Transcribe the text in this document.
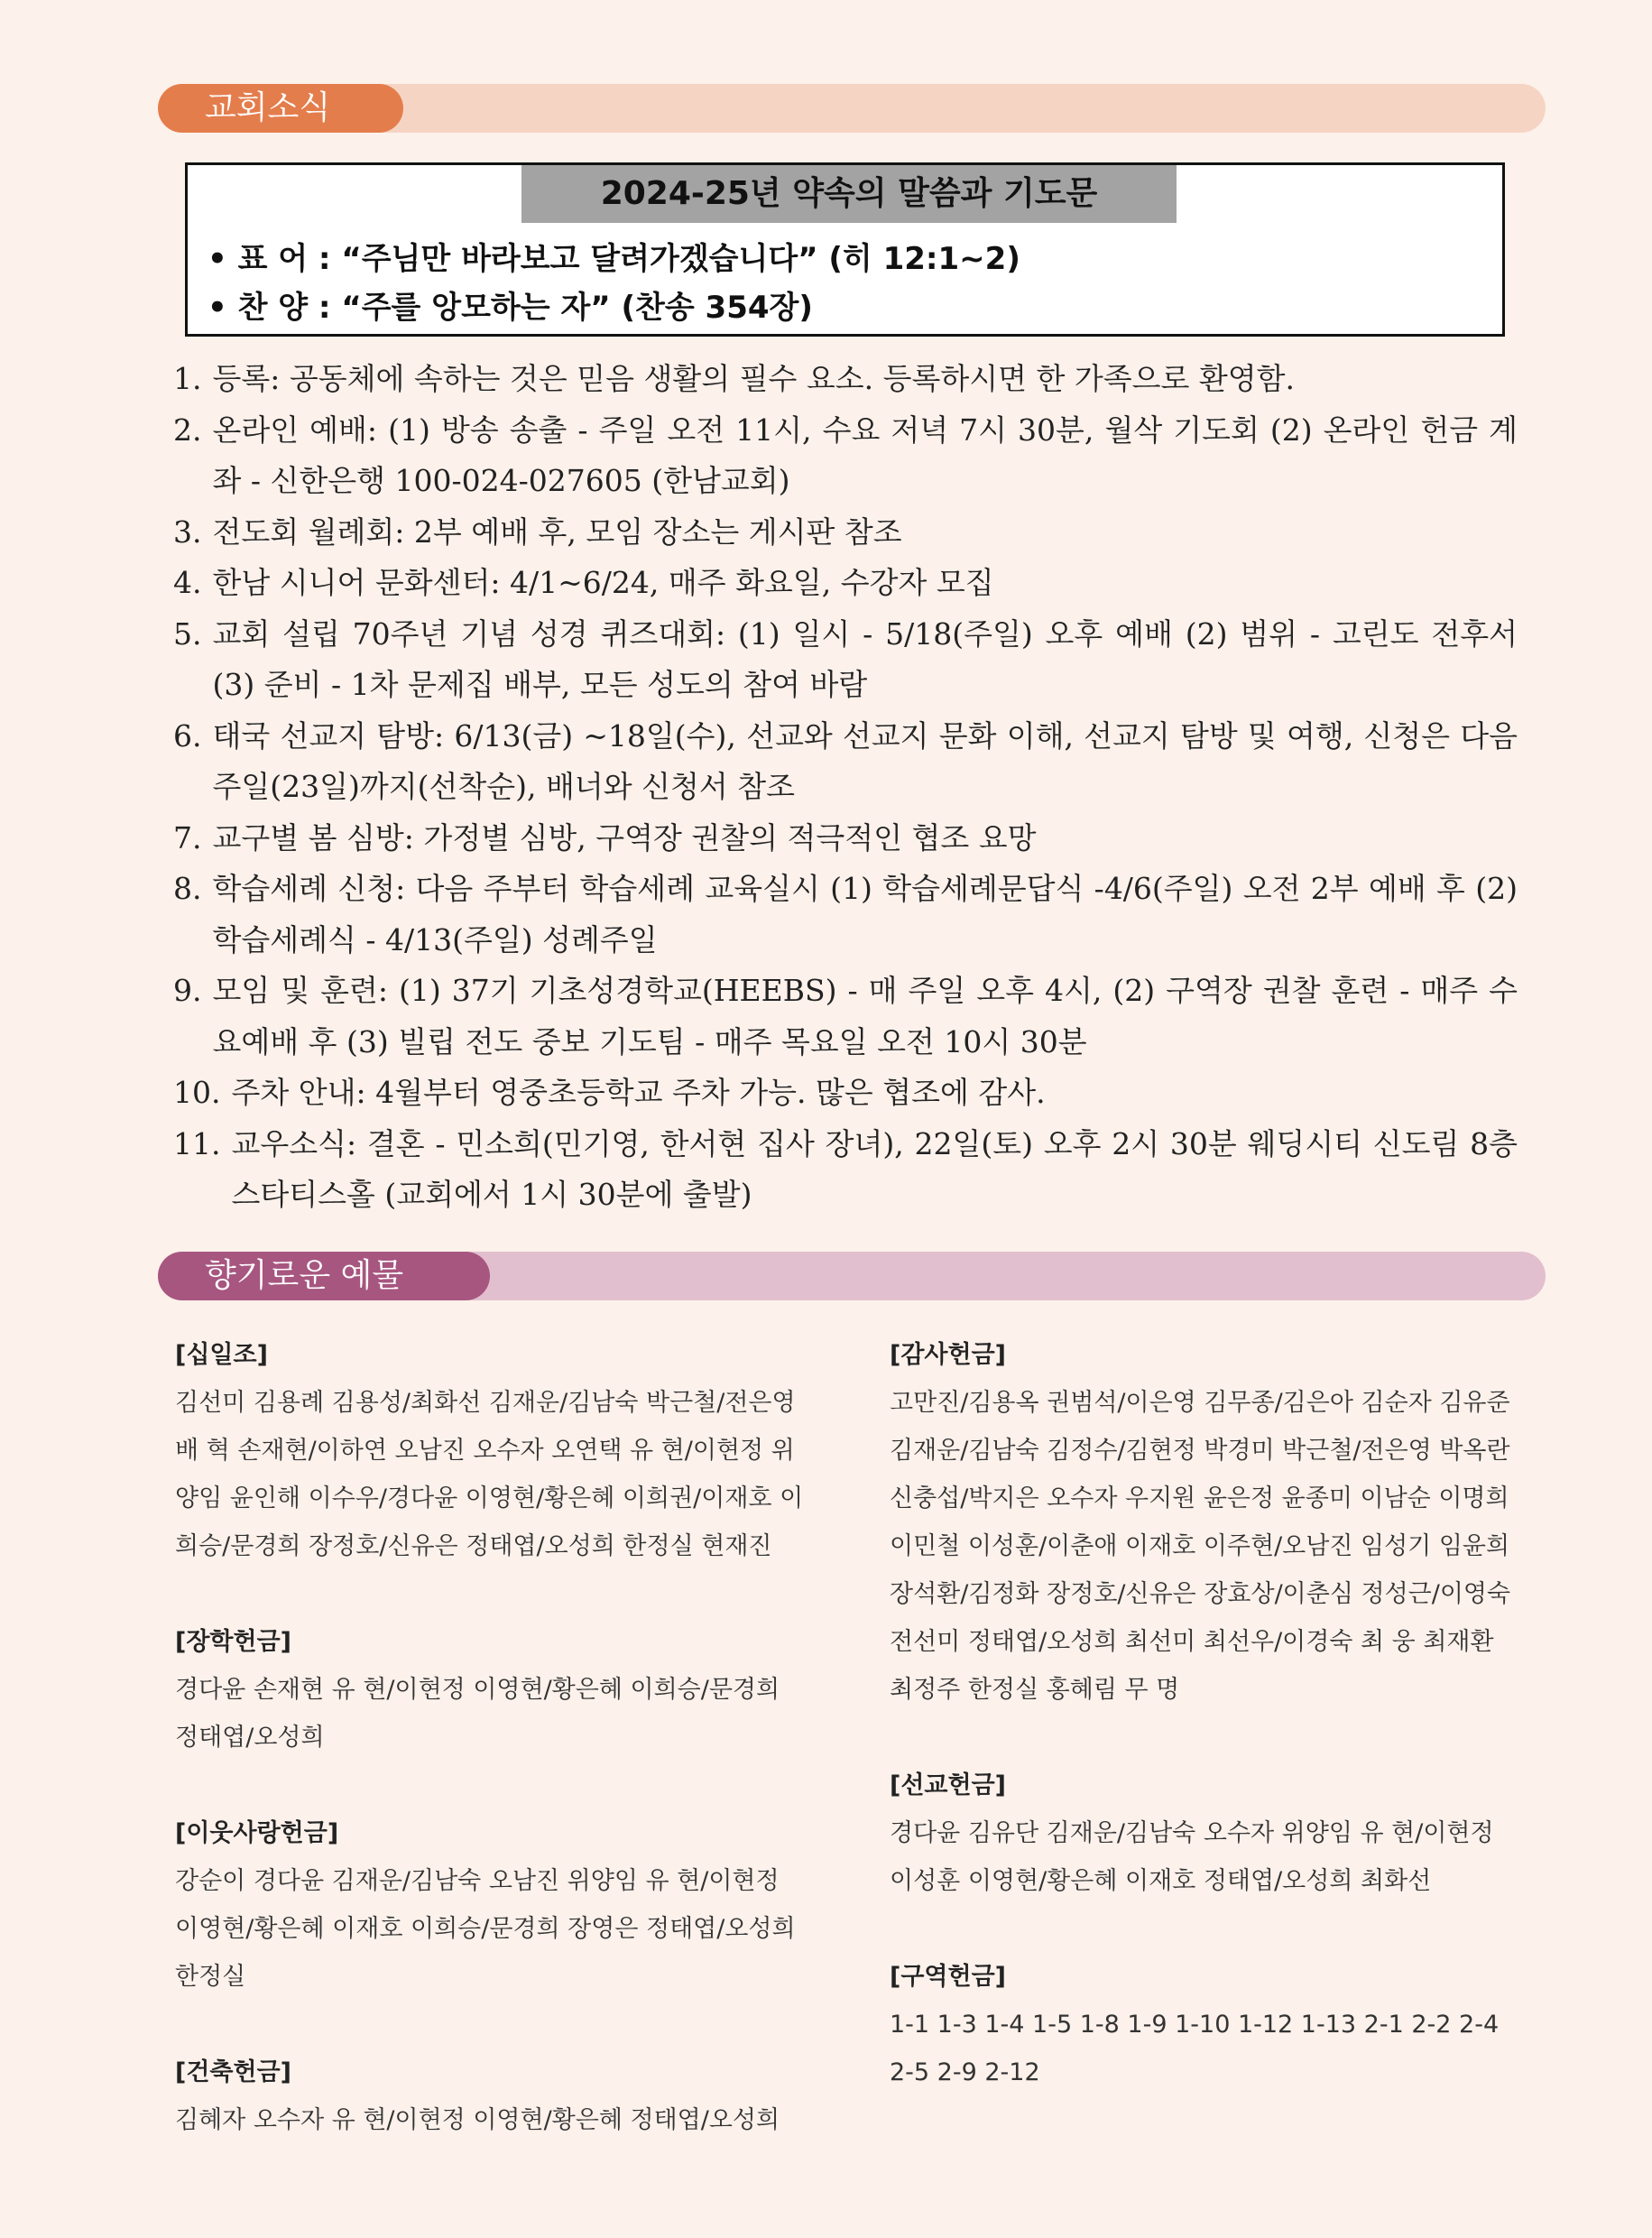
교회소식
2024-25년 약속의 말씀과 기도문
• 표 어 : “주님만 바라보고 달려가겠습니다” (히 12:1~2)
• 찬 양 : “주를 앙모하는 자” (찬송 354장)
1. 등록: 공동체에 속하는 것은 믿음 생활의 필수 요소. 등록하시면 한 가족으로 환영함.
2. 온라인 예배: (1) 방송 송출 - 주일 오전 11시, 수요 저녁 7시 30분, 월삭 기도회 (2) 온라인 헌금 계좌 - 신한은행 100-024-027605 (한남교회)
3. 전도회 월례회: 2부 예배 후, 모임 장소는 게시판 참조
4. 한남 시니어 문화센터: 4/1~6/24, 매주 화요일, 수강자 모집
5. 교회 설립 70주년 기념 성경 퀴즈대회: (1) 일시 - 5/18(주일) 오후 예배 (2) 범위 - 고린도 전후서 (3) 준비 - 1차 문제집 배부, 모든 성도의 참여 바람
6. 태국 선교지 탐방: 6/13(금) ~18일(수), 선교와 선교지 문화 이해, 선교지 탐방 및 여행, 신청은 다음 주일(23일)까지(선착순), 배너와 신청서 참조
7. 교구별 봄 심방: 가정별 심방, 구역장 권찰의 적극적인 협조 요망
8. 학습세례 신청: 다음 주부터 학습세례 교육실시 (1) 학습세례문답식 -4/6(주일) 오전 2부 예배 후 (2) 학습세례식 - 4/13(주일) 성례주일
9. 모임 및 훈련: (1) 37기 기초성경학교(HEEBS) - 매 주일 오후 4시, (2) 구역장 권찰 훈련 - 매주 수요예배 후 (3) 빌립 전도 중보 기도팀 - 매주 목요일 오전 10시 30분
10. 주차 안내: 4월부터 영중초등학교 주차 가능. 많은 협조에 감사.
11. 교우소식: 결혼 - 민소희(민기영, 한서현 집사 장녀), 22일(토) 오후 2시 30분 웨딩시티 신도림 8층 스타티스홀 (교회에서 1시 30분에 출발)
향기로운 예물
[십일조]
김선미 김용례 김용성/최화선 김재운/김남숙 박근철/전은영 배 혁 손재현/이하연 오남진 오수자 오연택 유 현/이현정 위양임 윤인해 이수우/경다윤 이영현/황은혜 이희권/이재호 이희승/문경희 장정호/신유은 정태엽/오성희 한정실 현재진
[장학헌금]
경다윤 손재현 유 현/이현정 이영현/황은혜 이희승/문경희 정태엽/오성희
[이웃사랑헌금]
강순이 경다윤 김재운/김남숙 오남진 위양임 유 현/이현정 이영현/황은혜 이재호 이희승/문경희 장영은 정태엽/오성희 한정실
[건축헌금]
김혜자 오수자 유 현/이현정 이영현/황은혜 정태엽/오성희
[감사헌금]
고만진/김용옥 권범석/이은영 김무종/김은아 김순자 김유준 김재운/김남숙 김정수/김현정 박경미 박근철/전은영 박옥란 신충섭/박지은 오수자 우지원 윤은정 윤종미 이남순 이명희 이민철 이성훈/이춘애 이재호 이주현/오남진 임성기 임윤희 장석환/김정화 장정호/신유은 장효상/이춘심 정성근/이영숙 전선미 정태엽/오성희 최선미 최선우/이경숙 최 웅 최재환 최정주 한정실 홍혜림 무 명
[선교헌금]
경다윤 김유단 김재운/김남숙 오수자 위양임 유 현/이현정 이성훈 이영현/황은혜 이재호 정태엽/오성희 최화선
[구역헌금]
1-1 1-3 1-4 1-5 1-8 1-9 1-10 1-12 1-13 2-1 2-2 2-4 2-5 2-9 2-12
